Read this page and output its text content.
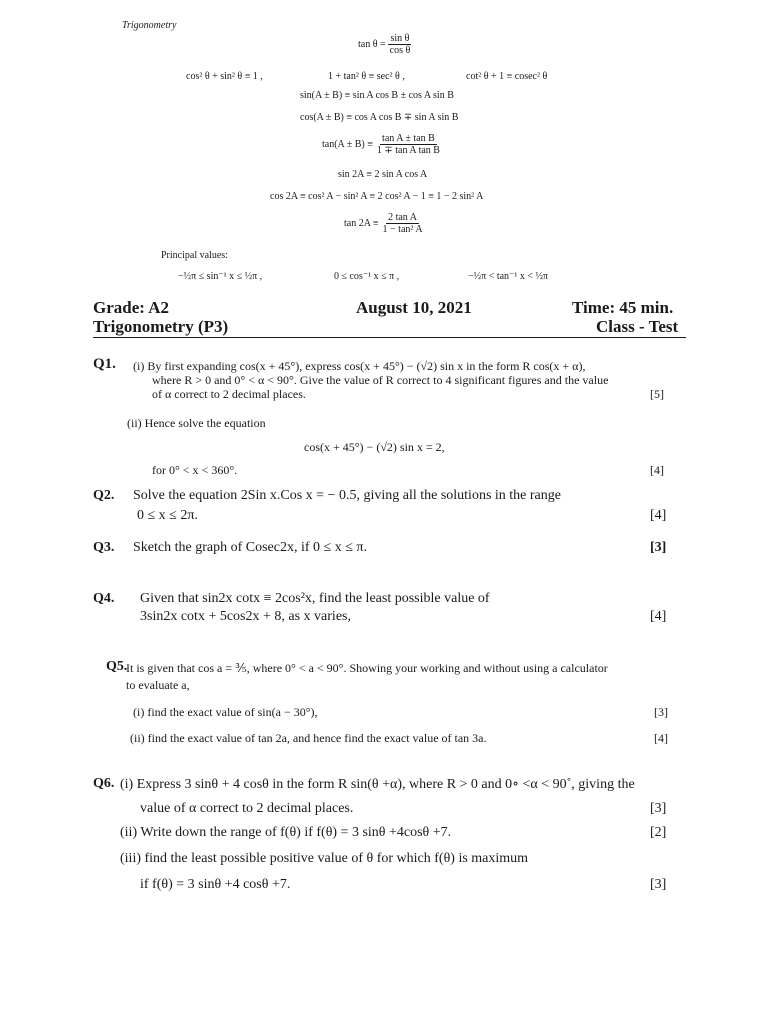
Trigonometry
$\tan \theta = \frac{\text{sin θ}}{\text{cos θ}}$
cos² θ + sin² θ ≡ 1 ,	1 + tan² θ ≡ sec² θ ,	cot² θ + 1 ≡ cosec² θ
sin(A ± B) ≡ sin A cos B ± cos A sin B
cos(A ± B) ≡ cos A cos B ∓ sin A sin B
$\tan(A \pm B) \equiv \frac{\text{tan A ± tan B}}{\text{1 ∓ tan A tan B}}$
sin 2A ≡ 2 sin A cos A
cos 2A ≡ cos² A − sin² A ≡ 2 cos² A − 1 ≡ 1 − 2 sin² A
$\tan 2A \equiv \frac{\text{2 tan A}}{\text{1 − tan² A}}$
Principal values:
−½π ≤ sin⁻¹ x ≤ ½π ,	0 ≤ cos⁻¹ x ≤ π ,	−½π < tan⁻¹ x < ½π
Grade: A2	August 10, 2021	Time: 45 min.
Trigonometry (P3)	Class - Test
Q1. (i) By first expanding cos(x + 45°), express cos(x + 45°) − (√2) sin x in the form R cos(x + α),
where R > 0 and 0° < α < 90°. Give the value of R correct to 4 significant figures and the value
of α correct to 2 decimal places.	[5]
(ii) Hence solve the equation
cos(x + 45°) − (√2) sin x = 2,
for 0° < x < 360°.	[4]
Q2. Solve the equation 2Sin x.Cos x = − 0.5, giving all the solutions in the range
0 ≤ x ≤ 2π.	[4]
Q3. Sketch the graph of Cosec2x, if 0 ≤ x ≤ π.	[3]
Q4. Given that sin2x cotx ≡ 2cos²x, find the least possible value of
3sin2x cotx + 5cos2x + 8, as x varies,	[4]
Q5.
It is given that cos a = ⅗, where 0° < a < 90°. Showing your working and without using a calculator
to evaluate a,
(i) find the exact value of sin(a − 30°),	[3]
(ii) find the exact value of tan 2a, and hence find the exact value of tan 3a.	[4]
Q6. (i) Express 3 sinθ + 4 cosθ in the form R sin(θ +α), where R > 0 and 0∘ <α < 90˚, giving the
value of α correct to 2 decimal places.	[3]
(ii) Write down the range of f(θ) if f(θ) = 3 sinθ +4cosθ +7.	[2]
(iii) find the least possible positive value of θ for which f(θ) is maximum
if f(θ) = 3 sinθ +4 cosθ +7.	[3]
